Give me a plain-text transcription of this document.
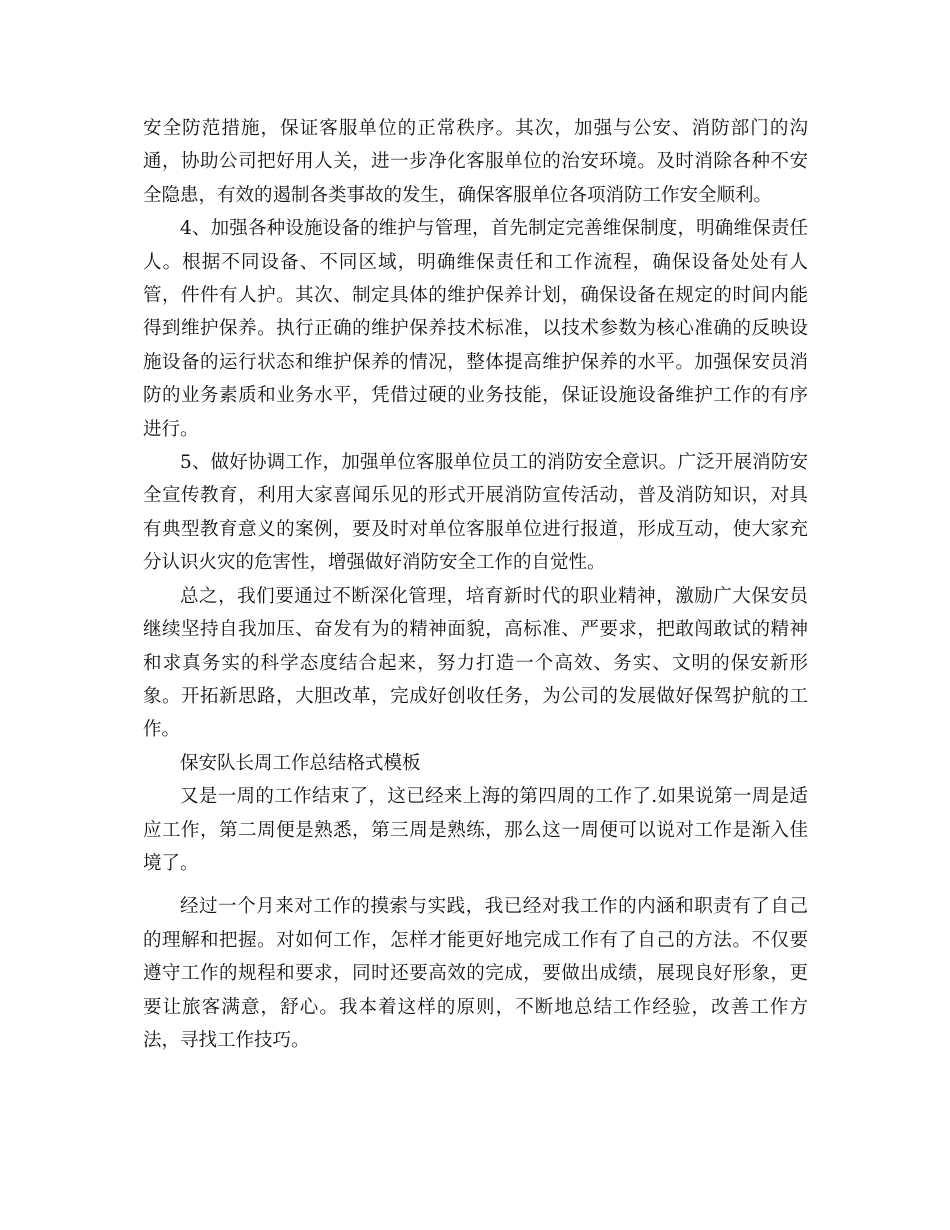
安全防范措施，保证客服单位的正常秩序。其次，加强与公安、消防部门的沟通，协助公司把好用人关，进一步净化客服单位的治安环境。及时消除各种不安全隐患，有效的遏制各类事故的发生，确保客服单位各项消防工作安全顺利。

4、加强各种设施设备的维护与管理，首先制定完善维保制度，明确维保责任人。根据不同设备、不同区域，明确维保责任和工作流程，确保设备处处有人管，件件有人护。其次、制定具体的维护保养计划，确保设备在规定的时间内能得到维护保养。执行正确的维护保养技术标准，以技术参数为核心准确的反映设施设备的运行状态和维护保养的情况，整体提高维护保养的水平。加强保安员消防的业务素质和业务水平，凭借过硬的业务技能，保证设施设备维护工作的有序进行。

5、做好协调工作，加强单位客服单位员工的消防安全意识。广泛开展消防安全宣传教育，利用大家喜闻乐见的形式开展消防宣传活动，普及消防知识，对具有典型教育意义的案例，要及时对单位客服单位进行报道，形成互动，使大家充分认识火灾的危害性，增强做好消防安全工作的自觉性。

总之，我们要通过不断深化管理，培育新时代的职业精神，激励广大保安员继续坚持自我加压、奋发有为的精神面貌，高标准、严要求，把敢闯敢试的精神和求真务实的科学态度结合起来，努力打造一个高效、务实、文明的保安新形象。开拓新思路，大胆改革，完成好创收任务，为公司的发展做好保驾护航的工作。

保安队长周工作总结格式模板

又是一周的工作结束了，这已经来上海的第四周的工作了.如果说第一周是适应工作，第二周便是熟悉，第三周是熟练，那么这一周便可以说对工作是渐入佳境了。

经过一个月来对工作的摸索与实践，我已经对我工作的内涵和职责有了自己的理解和把握。对如何工作，怎样才能更好地完成工作有了自己的方法。不仅要遵守工作的规程和要求，同时还要高效的完成，要做出成绩，展现良好形象，更要让旅客满意，舒心。我本着这样的原则，不断地总结工作经验，改善工作方法，寻找工作技巧。
